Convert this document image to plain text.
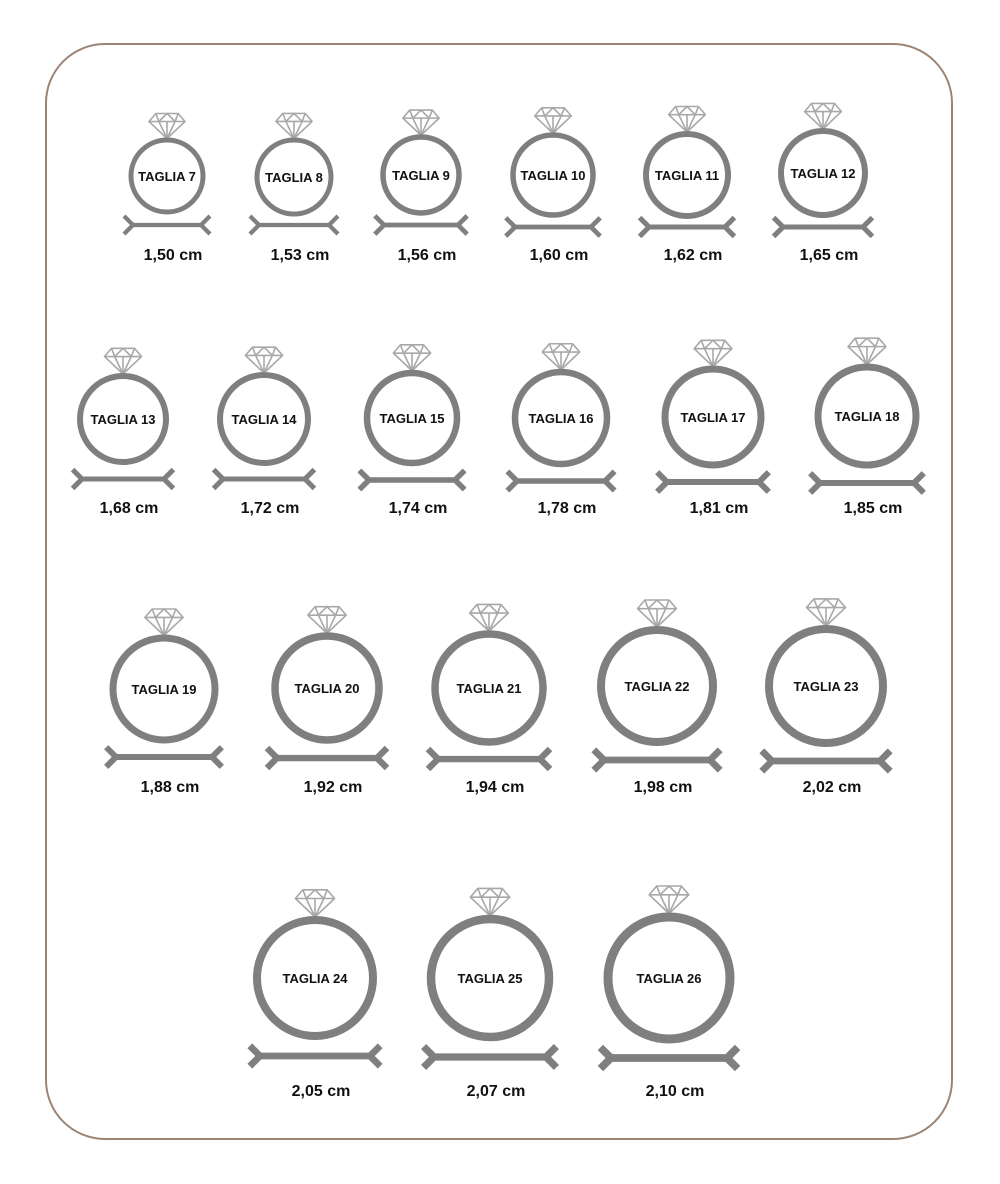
TAGLIA 7
1,50 cm
TAGLIA 8
1,53 cm
TAGLIA 9
1,56 cm
TAGLIA 10
1,60 cm
TAGLIA 11
1,62 cm
TAGLIA 12
1,65 cm
TAGLIA 13
1,68 cm
TAGLIA 14
1,72 cm
TAGLIA 15
1,74 cm
TAGLIA 16
1,78 cm
TAGLIA 17
1,81 cm
TAGLIA 18
1,85 cm
TAGLIA 19
1,88 cm
TAGLIA 20
1,92 cm
TAGLIA 21
1,94 cm
TAGLIA 22
1,98 cm
TAGLIA 23
2,02 cm
TAGLIA 24
2,05 cm
TAGLIA 25
2,07 cm
TAGLIA 26
2,10 cm
